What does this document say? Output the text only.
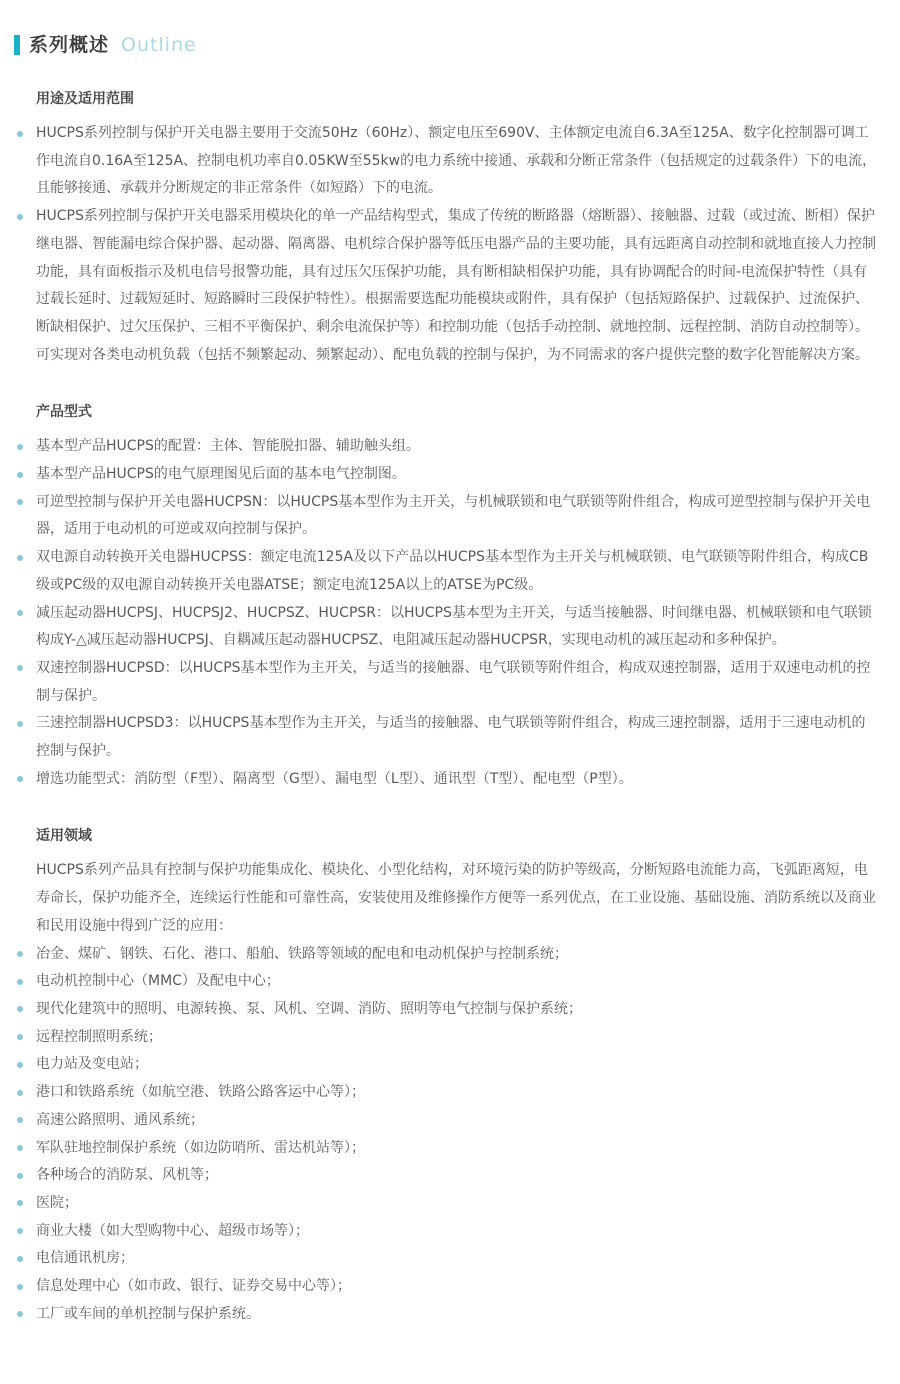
系列概述 Outline
用途及适用范围
HUCPS系列控制与保护开关电器主要用于交流50Hz（60Hz）、额定电压至690V、主体额定电流自6.3A至125A、数字化控制器可调工作电流自0.16A至125A、控制电机功率自0.05KW至55kw的电力系统中接通、承载和分断正常条件（包括规定的过载条件）下的电流，且能够接通、承载并分断规定的非正常条件（如短路）下的电流。
HUCPS系列控制与保护开关电器采用模块化的单一产品结构型式，集成了传统的断路器（熔断器）、接触器、过载（或过流、断相）保护继电器、智能漏电综合保护器、起动器、隔离器、电机综合保护器等低压电器产品的主要功能，具有远距离自动控制和就地直接人力控制功能，具有面板指示及机电信号报警功能，具有过压欠压保护功能，具有断相缺相保护功能，具有协调配合的时间-电流保护特性（具有过载长延时、过载短延时、短路瞬时三段保护特性）。根据需要选配功能模块或附件，具有保护（包括短路保护、过载保护、过流保护、断缺相保护、过欠压保护、三相不平衡保护、剩余电流保护等）和控制功能（包括手动控制、就地控制、远程控制、消防自动控制等）。可实现对各类电动机负载（包括不频繁起动、频繁起动）、配电负载的控制与保护，为不同需求的客户提供完整的数字化智能解决方案。
产品型式
基本型产品HUCPS的配置：主体、智能脱扣器、辅助触头组。
基本型产品HUCPS的电气原理图见后面的基本电气控制图。
可逆型控制与保护开关电器HUCPSN：以HUCPS基本型作为主开关，与机械联锁和电气联锁等附件组合，构成可逆型控制与保护开关电器，适用于电动机的可逆或双向控制与保护。
双电源自动转换开关电器HUCPSS：额定电流125A及以下产品以HUCPS基本型作为主开关与机械联锁、电气联锁等附件组合，构成CB级或PC级的双电源自动转换开关电器ATSE；额定电流125A以上的ATSE为PC级。
减压起动器HUCPSJ、HUCPSJ2、HUCPSZ、HUCPSR：以HUCPS基本型为主开关，与适当接触器、时间继电器、机械联锁和电气联锁构成Y-△减压起动器HUCPSJ、自耦减压起动器HUCPSZ、电阻减压起动器HUCPSR，实现电动机的减压起动和多种保护。
双速控制器HUCPSD：以HUCPS基本型作为主开关，与适当的接触器、电气联锁等附件组合，构成双速控制器，适用于双速电动机的控制与保护。
三速控制器HUCPSD3：以HUCPS基本型作为主开关，与适当的接触器、电气联锁等附件组合，构成三速控制器，适用于三速电动机的控制与保护。
增选功能型式：消防型（F型）、隔离型（G型）、漏电型（L型）、通讯型（T型）、配电型（P型）。
适用领域

HUCPS系列产品具有控制与保护功能集成化、模块化、小型化结构，对环境污染的防护等级高，分断短路电流能力高，飞弧距离短，电寿命长，保护功能齐全，连续运行性能和可靠性高，安装使用及维修操作方便等一系列优点，在工业设施、基础设施、消防系统以及商业和民用设施中得到广泛的应用：

冶金、煤矿、钢铁、石化、港口、船舶、铁路等领域的配电和电动机保护与控制系统；
电动机控制中心（MMC）及配电中心；
现代化建筑中的照明、电源转换、泵、风机、空调、消防、照明等电气控制与保护系统；
远程控制照明系统；
电力站及变电站；
港口和铁路系统（如航空港、铁路公路客运中心等）；
高速公路照明、通风系统；
军队驻地控制保护系统（如边防哨所、雷达机站等）；
各种场合的消防泵、风机等；
医院；
商业大楼（如大型购物中心、超级市场等）；
电信通讯机房；
信息处理中心（如市政、银行、证券交易中心等）；
工厂或车间的单机控制与保护系统。
